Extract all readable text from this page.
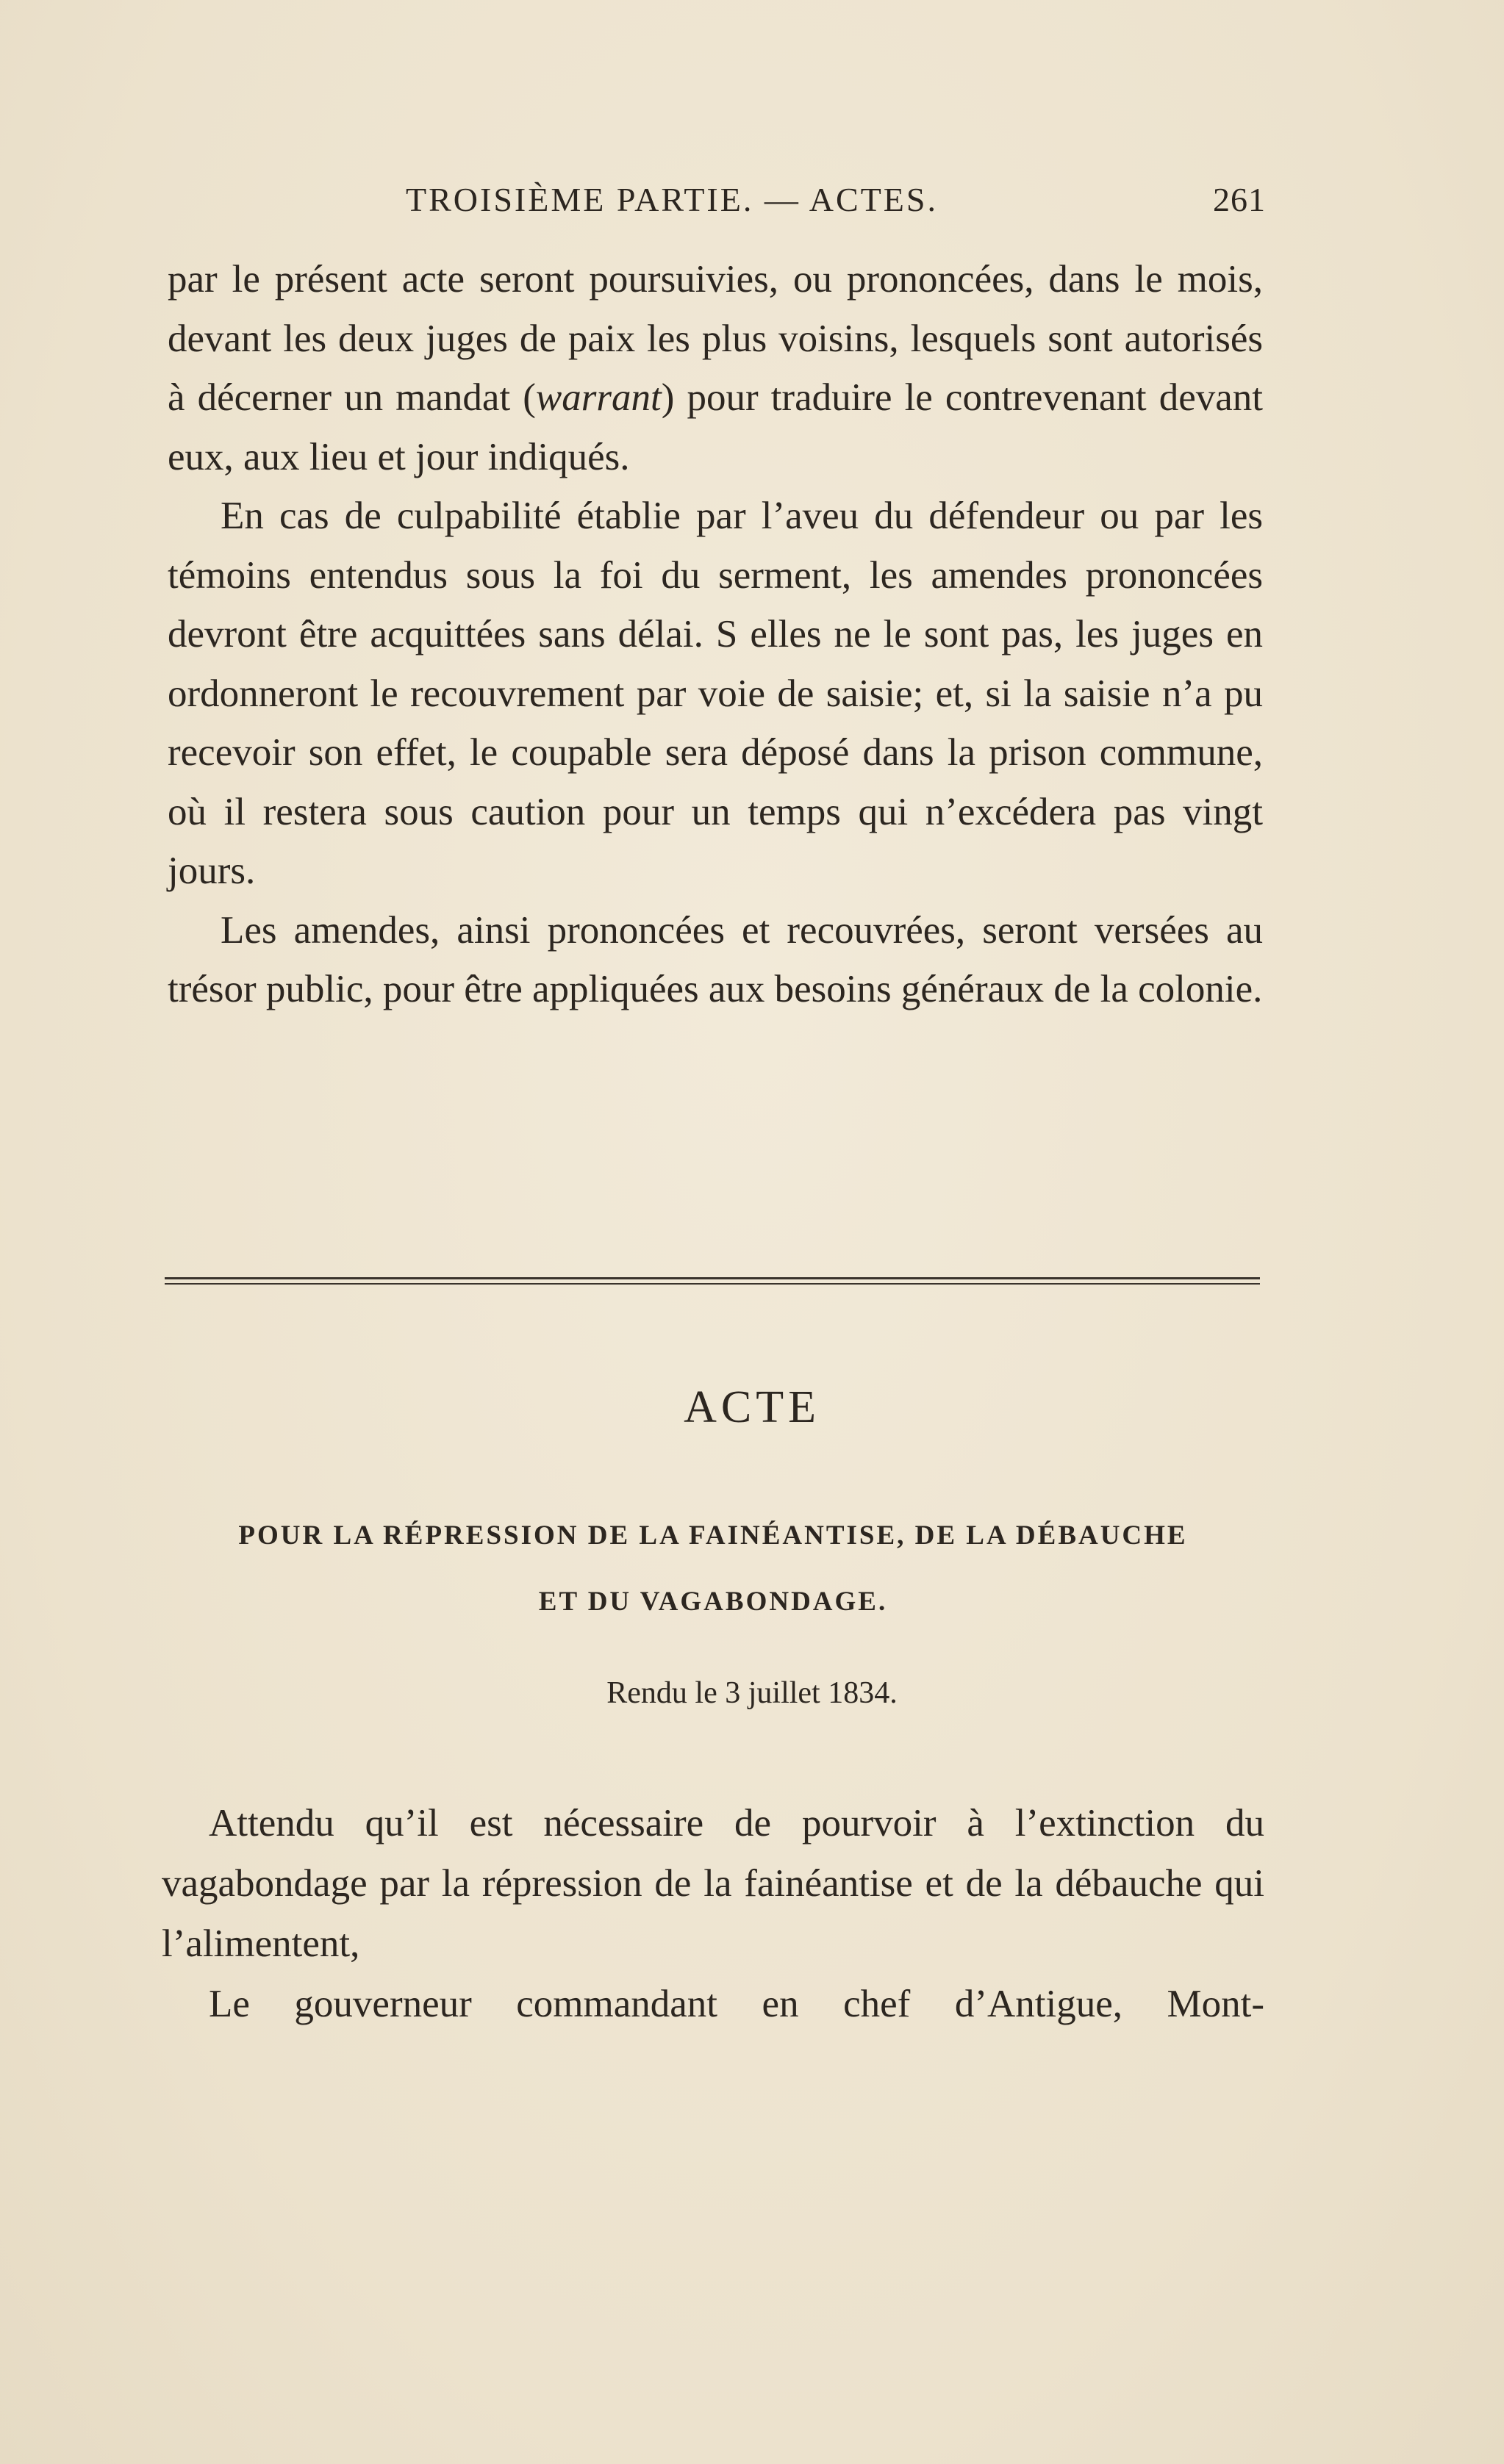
TROISIÈME PARTIE. — ACTES.	261

par le présent acte seront poursuivies, ou prononcées, dans le mois, devant les deux juges de paix les plus voisins, lesquels sont autorisés à décerner un mandat (warrant) pour traduire le contrevenant devant eux, aux lieu et jour indiqués.

En cas de culpabilité établie par l’aveu du défendeur ou par les témoins entendus sous la foi du serment, les amendes prononcées devront être acquittées sans délai. S elles ne le sont pas, les juges en ordonneront le recouvrement par voie de saisie; et, si la saisie n’a pu recevoir son effet, le coupable sera déposé dans la prison commune, où il restera sous caution pour un temps qui n’excédera pas vingt jours.

Les amendes, ainsi prononcées et recouvrées, seront versées au trésor public, pour être appliquées aux besoins généraux de la colonie.

ACTE
POUR LA RÉPRESSION DE LA FAINÉANTISE, DE LA DÉBAUCHE
ET DU VAGABONDAGE.
Rendu le 3 juillet 1834.

Attendu qu’il est nécessaire de pourvoir à l’extinction du vagabondage par la répression de la fainéantise et de la débauche qui l’alimentent,

Le gouverneur commandant en chef d’Antigue, Mont-
